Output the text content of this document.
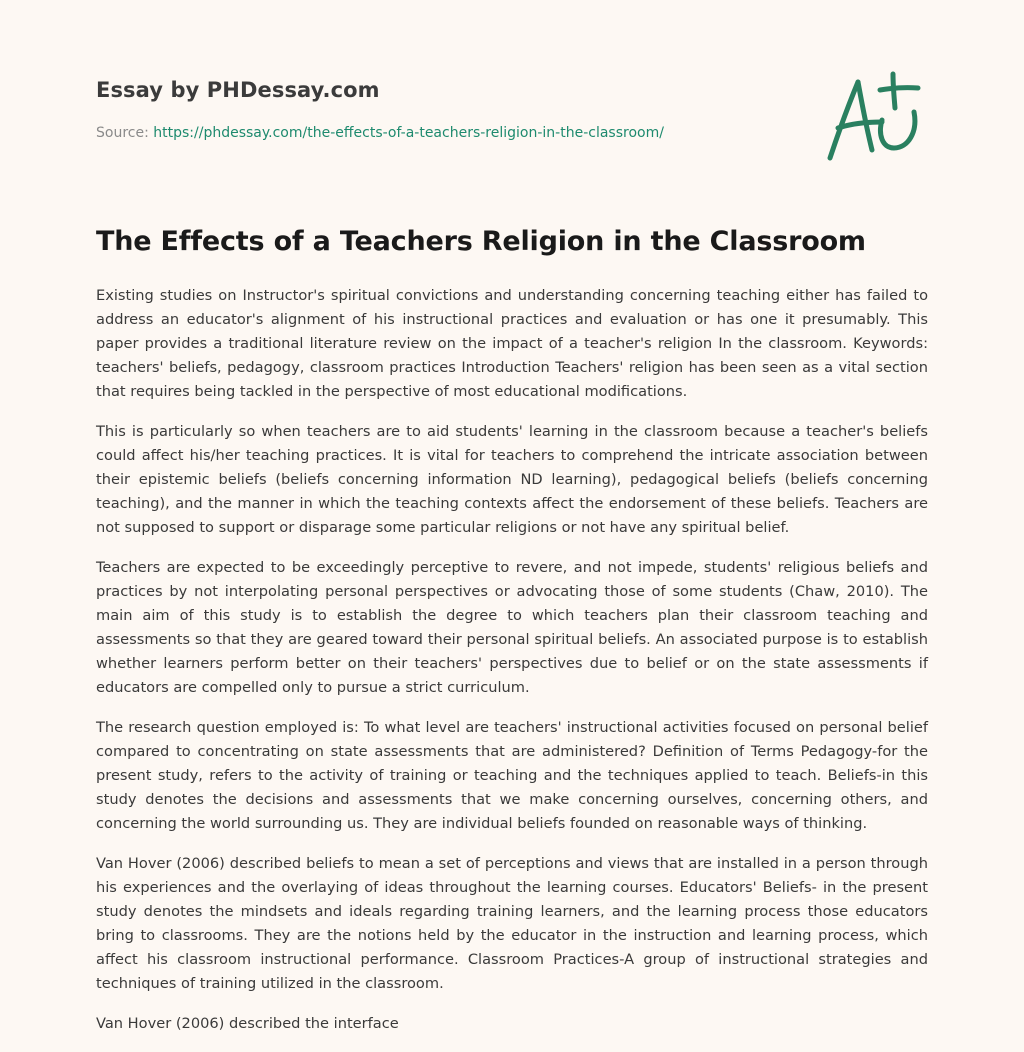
Essay by PHDessay.com
Source: https://phdessay.com/the-effects-of-a-teachers-religion-in-the-classroom/
The Effects of a Teachers Religion in the Classroom

Existing studies on Instructor's spiritual convictions and understanding concerning teaching either has failed to address an educator's alignment of his instructional practices and evaluation or has one it presumably. This paper provides a traditional literature review on the impact of a teacher's religion In the classroom. Keywords: teachers' beliefs, pedagogy, classroom practices Introduction Teachers' religion has been seen as a vital section that requires being tackled in the perspective of most educational modifications.

This is particularly so when teachers are to aid students' learning in the classroom because a teacher's beliefs could affect his/her teaching practices. It is vital for teachers to comprehend the intricate association between their epistemic beliefs (beliefs concerning information ND learning), pedagogical beliefs (beliefs concerning teaching), and the manner in which the teaching contexts affect the endorsement of these beliefs. Teachers are not supposed to support or disparage some particular religions or not have any spiritual belief.

Teachers are expected to be exceedingly perceptive to revere, and not impede, students' religious beliefs and practices by not interpolating personal perspectives or advocating those of some students (Chaw, 2010). The main aim of this study is to establish the degree to which teachers plan their classroom teaching and assessments so that they are geared toward their personal spiritual beliefs. An associated purpose is to establish whether learners perform better on their teachers' perspectives due to belief or on the state assessments if educators are compelled only to pursue a strict curriculum.

The research question employed is: To what level are teachers' instructional activities focused on personal belief compared to concentrating on state assessments that are administered? Definition of Terms Pedagogy-for the present study, refers to the activity of training or teaching and the techniques applied to teach. Beliefs-in this study denotes the decisions and assessments that we make concerning ourselves, concerning others, and concerning the world surrounding us. They are individual beliefs founded on reasonable ways of thinking.

Van Hover (2006) described beliefs to mean a set of perceptions and views that are installed in a person through his experiences and the overlaying of ideas throughout the learning courses. Educators' Beliefs- in the present study denotes the mindsets and ideals regarding training learners, and the learning process those educators bring to classrooms. They are the notions held by the educator in the instruction and learning process, which affect his classroom instructional performance. Classroom Practices-A group of instructional strategies and techniques of training utilized in the classroom.

Van Hover (2006) described the interface
